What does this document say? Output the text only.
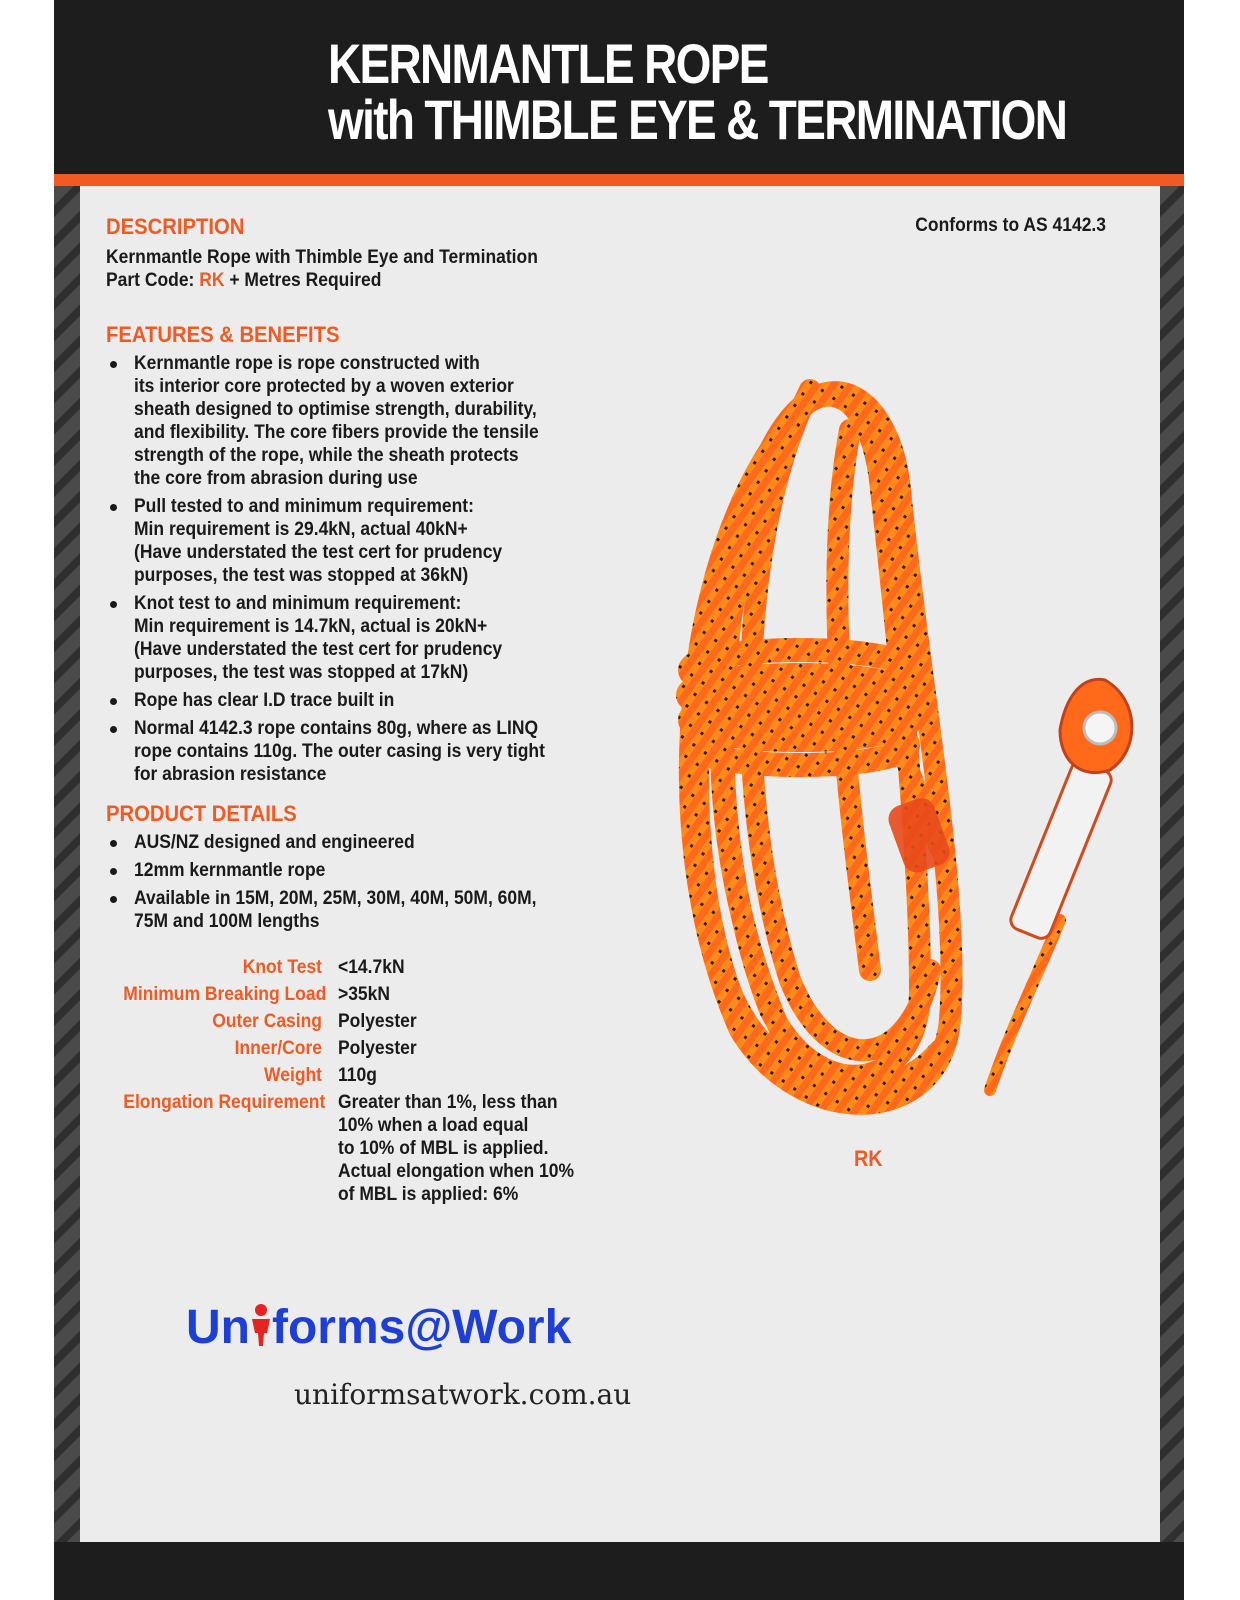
KERNMANTLE ROPE
with THIMBLE EYE & TERMINATION
DESCRIPTION
Kernmantle Rope with Thimble Eye and Termination
Part Code: RK + Metres Required
Conforms to AS 4142.3
FEATURES & BENEFITS
Kernmantle rope is rope constructed with
its interior core protected by a woven exterior
sheath designed to optimise strength, durability,
and flexibility. The core fibers provide the tensile
strength of the rope, while the sheath protects
the core from abrasion during use
Pull tested to and minimum requirement:
Min requirement is 29.4kN, actual 40kN+
(Have understated the test cert for prudency
purposes, the test was stopped at 36kN)
Knot test to and minimum requirement:
Min requirement is 14.7kN, actual is 20kN+
(Have understated the test cert for prudency
purposes, the test was stopped at 17kN)
Rope has clear I.D trace built in
Normal 4142.3 rope contains 80g, where as LINQ
rope contains 110g. The outer casing is very tight
for abrasion resistance
PRODUCT DETAILS
AUS/NZ designed and engineered
12mm kernmantle rope
Available in 15M, 20M, 25M, 30M, 40M, 50M, 60M,
75M and 100M lengths
Knot Test <14.7kN
Minimum Breaking Load >35kN
Outer Casing Polyester
Inner/Core Polyester
Weight 110g
Elongation Requirement Greater than 1%, less than
10% when a load equal
to 10% of MBL is applied.
Actual elongation when 10%
of MBL is applied: 6%
RK
Un forms@Work
uniformsatwork.com.au
